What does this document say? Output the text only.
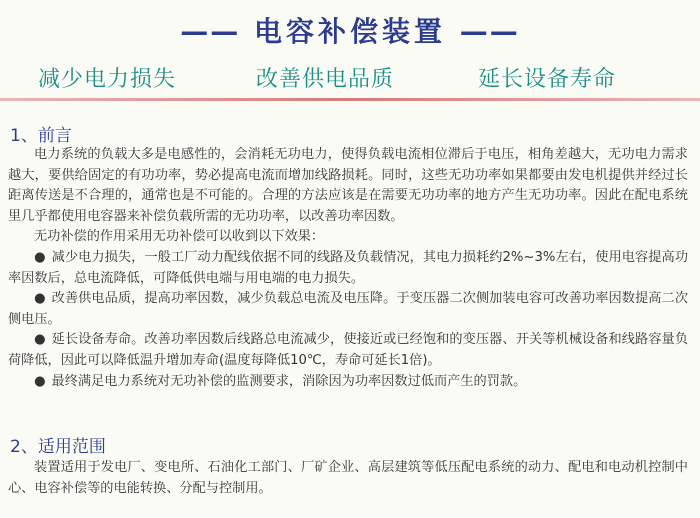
—— 电容补偿装置 ——
减少电力损失	改善供电品质	延长设备寿命
1、前言

电力系统的负载大多是电感性的，会消耗无功电力，使得负载电流相位滞后于电压，相角差越大，无功电力需求越大，要供给固定的有功功率，势必提高电流而增加线路损耗。同时，这些无功功率如果都要由发电机提供并经过长距离传送是不合理的，通常也是不可能的。合理的方法应该是在需要无功功率的地方产生无功功率。因此在配电系统里几乎都使用电容器来补偿负载所需的无功功率，以改善功率因数。

无功补偿的作用采用无功补偿可以收到以下效果：

● 减少电力损失，一般工厂动力配线依据不同的线路及负载情况，其电力损耗约2%~3%左右，使用电容提高功率因数后，总电流降低，可降低供电端与用电端的电力损失。

● 改善供电品质，提高功率因数，减少负载总电流及电压降。于变压器二次侧加装电容可改善功率因数提高二次侧电压。

● 延长设备寿命。改善功率因数后线路总电流减少，使接近或已经饱和的变压器、开关等机械设备和线路容量负荷降低，因此可以降低温升增加寿命(温度每降低10℃，寿命可延长1倍)。

● 最终满足电力系统对无功补偿的监测要求，消除因为功率因数过低而产生的罚款。

2、适用范围

装置适用于发电厂、变电所、石油化工部门、厂矿企业、高层建筑等低压配电系统的动力、配电和电动机控制中心、电容补偿等的电能转换、分配与控制用。
